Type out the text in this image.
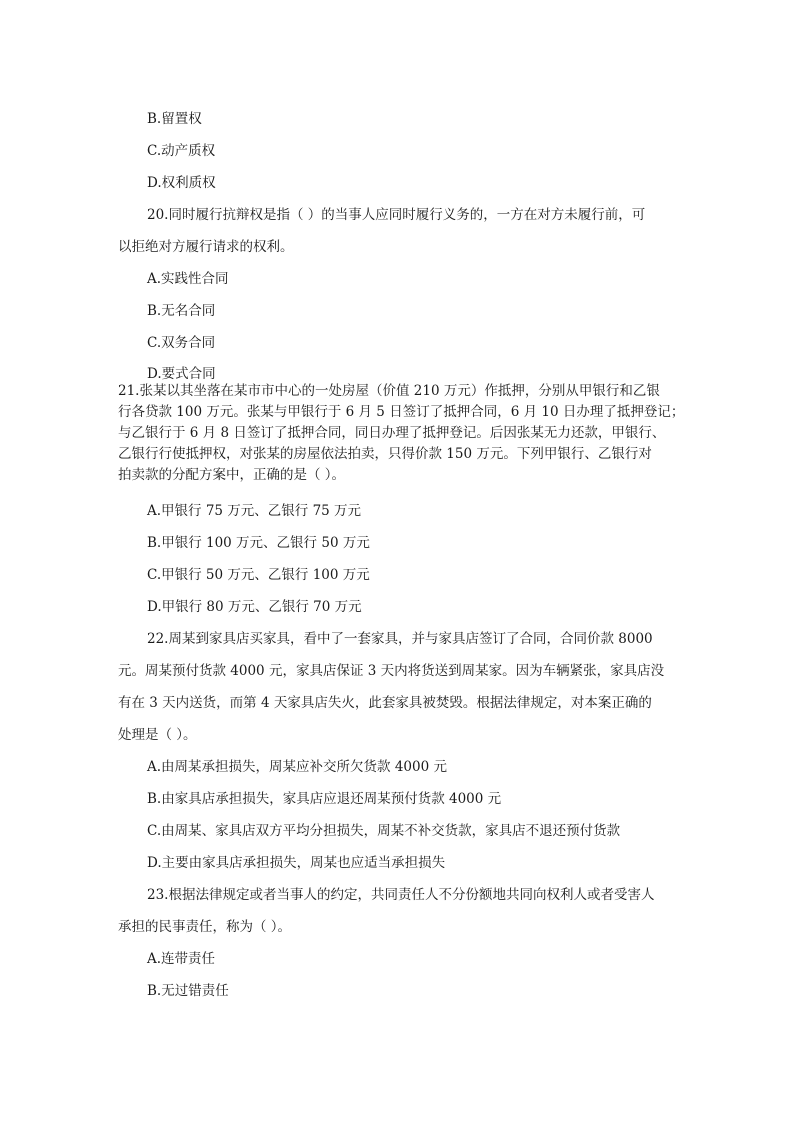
B.留置权
C.动产质权
D.权利质权
20.同时履行抗辩权是指（ ）的当事人应同时履行义务的，一方在对方未履行前，可
以拒绝对方履行请求的权利。
A.实践性合同
B.无名合同
C.双务合同
D.要式合同
21.张某以其坐落在某市市中心的一处房屋（价值 210 万元）作抵押，分别从甲银行和乙银
行各贷款 100 万元。张某与甲银行于 6 月 5 日签订了抵押合同，6 月 10 日办理了抵押登记；
与乙银行于 6 月 8 日签订了抵押合同，同日办理了抵押登记。后因张某无力还款，甲银行、
乙银行行使抵押权，对张某的房屋依法拍卖，只得价款 150 万元。下列甲银行、乙银行对
拍卖款的分配方案中，正确的是（ ）。
A.甲银行 75 万元、乙银行 75 万元
B.甲银行 100 万元、乙银行 50 万元
C.甲银行 50 万元、乙银行 100 万元
D.甲银行 80 万元、乙银行 70 万元
22.周某到家具店买家具，看中了一套家具，并与家具店签订了合同，合同价款 8000
元。周某预付货款 4000 元，家具店保证 3 天内将货送到周某家。因为车辆紧张，家具店没
有在 3 天内送货，而第 4 天家具店失火，此套家具被焚毁。根据法律规定，对本案正确的
处理是（ ）。
A.由周某承担损失，周某应补交所欠货款 4000 元
B.由家具店承担损失，家具店应退还周某预付货款 4000 元
C.由周某、家具店双方平均分担损失，周某不补交货款，家具店不退还预付货款
D.主要由家具店承担损失，周某也应适当承担损失
23.根据法律规定或者当事人的约定，共同责任人不分份额地共同向权利人或者受害人
承担的民事责任，称为（ ）。
A.连带责任
B.无过错责任
